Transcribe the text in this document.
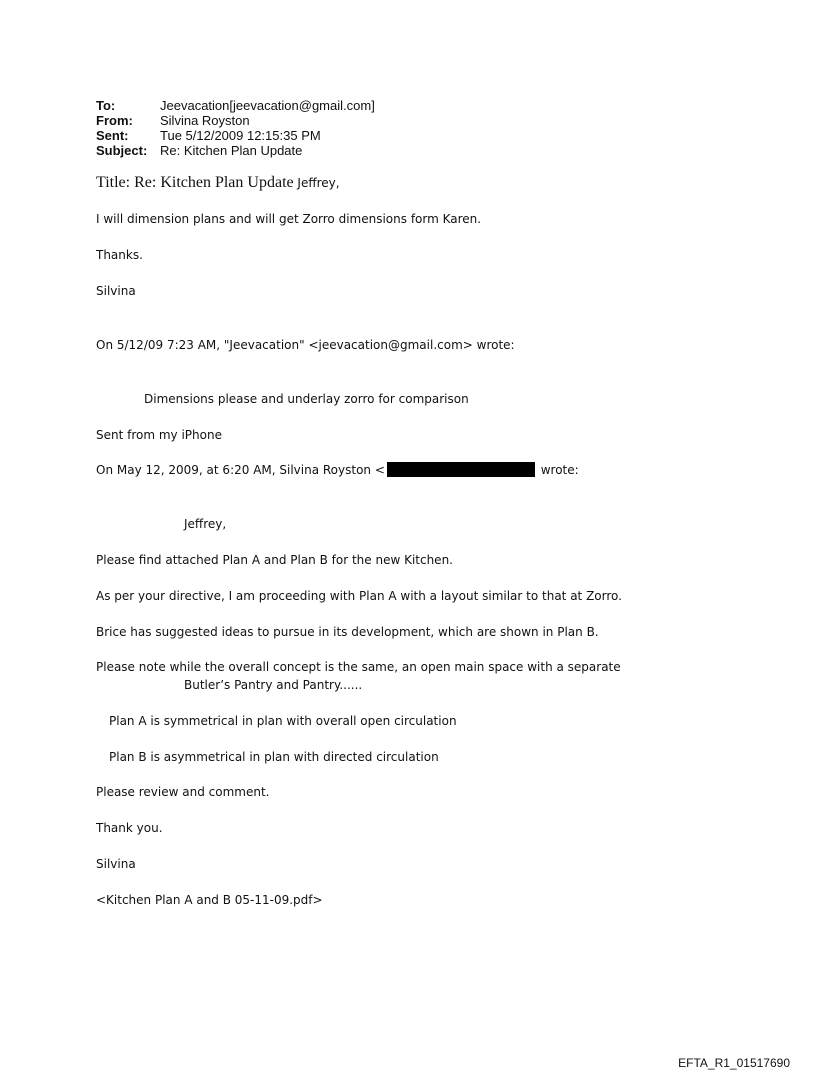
To:	Jeevacation[jeevacation@gmail.com]
From: Silvina Royston
Sent: Tue 5/12/2009 12:15:35 PM
Subject: Re: Kitchen Plan Update
Title: Re: Kitchen Plan Update Jeffrey,
I will dimension plans and will get Zorro dimensions form Karen.
Thanks.
Silvina
On 5/12/09 7:23 AM, "Jeevacation" <jeevacation@gmail.com> wrote:
Dimensions please and underlay zorro for comparison
Sent from my iPhone
On May 12, 2009, at 6:20 AM, Silvina Royston <	wrote:
Jeffrey,
Please find attached Plan A and Plan B for the new Kitchen.
As per your directive, I am proceeding with Plan A with a layout similar to that at Zorro.
Brice has suggested ideas to pursue in its development, which are shown in Plan B.
Please note while the overall concept is the same, an open main space with a separate
Butler’s Pantry and Pantry......
Plan A is symmetrical in plan with overall open circulation
Plan B is asymmetrical in plan with directed circulation
Please review and comment.
Thank you.
Silvina
<Kitchen Plan A and B 05-11-09.pdf>
EFTA_R1_01517690
